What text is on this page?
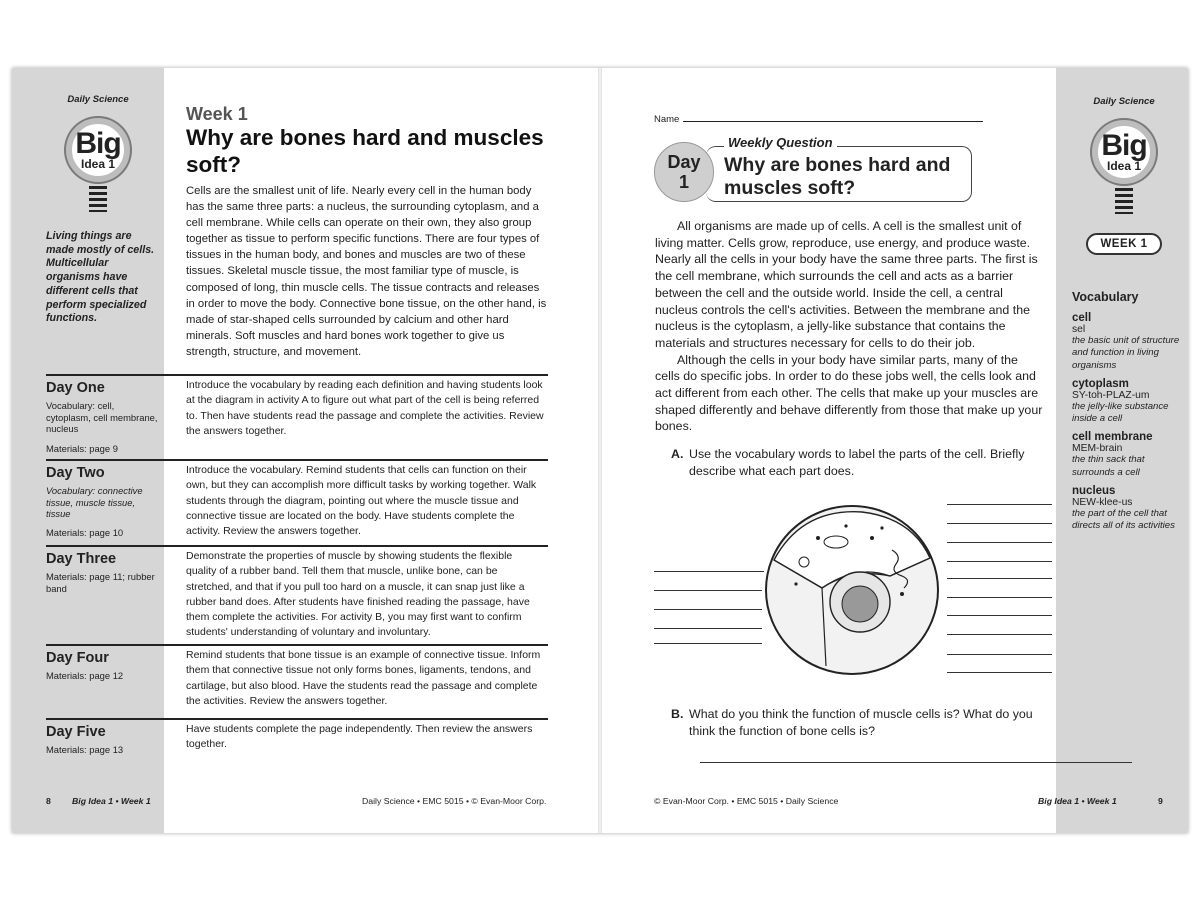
Daily Science
Big
Idea 1
Week 1
Why are bones hard and muscles soft?
Cells are the smallest unit of life. Nearly every cell in the human body has the same three parts: a nucleus, the surrounding cytoplasm, and a cell membrane. While cells can operate on their own, they also group together as tissue to perform specific functions. There are four types of tissues in the human body, and bones and muscles are two of these tissues. Skeletal muscle tissue, the most familiar type of muscle, is composed of long, thin muscle cells. The tissue contracts and releases in order to move the body. Connective bone tissue, on the other hand, is made of star-shaped cells surrounded by calcium and other hard minerals. Soft muscles and hard bones work together to give us strength, structure, and movement.
Living things are made mostly of cells. Multicellular organisms have different cells that perform specialized functions.
Day One
Vocabulary: cell, cytoplasm, cell membrane, nucleus
Materials: page 9
Introduce the vocabulary by reading each definition and having students look at the diagram in activity A to figure out what part of the cell is being referred to. Then have students read the passage and complete the activities. Review the answers together.
Day Two
Vocabulary: connective tissue, muscle tissue, tissue
Materials: page 10
Introduce the vocabulary. Remind students that cells can function on their own, but they can accomplish more difficult tasks by working together. Walk students through the diagram, pointing out where the muscle tissue and connective tissue are located on the body. Have students complete the activity. Review the answers together.
Day Three
Materials: page 11; rubber band
Demonstrate the properties of muscle by showing students the flexible quality of a rubber band. Tell them that muscle, unlike bone, can be stretched, and that if you pull too hard on a muscle, it can snap just like a rubber band does. After students have finished reading the passage, have them complete the activities. For activity B, you may first want to confirm students' understanding of voluntary and involuntary.
Day Four
Materials: page 12
Remind students that bone tissue is an example of connective tissue. Inform them that connective tissue not only forms bones, ligaments, tendons, and cartilage, but also blood. Have the students read the passage and complete the activities. Review the answers together.
Day Five
Materials: page 13
Have students complete the page independently. Then review the answers together.
8 Big Idea 1 • Week 1	Daily Science • EMC 5015 • © Evan-Moor Corp.
Name
Day 1
Weekly Question
Why are bones hard and muscles soft?

All organisms are made up of cells. A cell is the smallest unit of living matter. Cells grow, reproduce, use energy, and produce waste. Nearly all the cells in your body have the same three parts. The first is the cell membrane, which surrounds the cell and acts as a barrier between the cell and the outside world. Inside the cell, a central nucleus controls the cell's activities. Between the membrane and the nucleus is the cytoplasm, a jelly-like substance that contains the materials and structures necessary for cells to do their job.

Although the cells in your body have similar parts, many of the cells do specific jobs. In order to do these jobs well, the cells look and act different from each other. The cells that make up your muscles are shaped differently and behave differently from those that make up your bones.

A. Use the vocabulary words to label the parts of the cell. Briefly describe what each part does.
B. What do you think the function of muscle cells is? What do you think the function of bone cells is?
Daily Science
Big
Idea 1
WEEK 1
Vocabulary
cell
sel
the basic unit of structure and function in living organisms
cytoplasm
SY-toh-PLAZ-um
the jelly-like substance inside a cell
cell membrane
MEM-brain
the thin sack that surrounds a cell
nucleus
NEW-klee-us
the part of the cell that directs all of its activities
© Evan-Moor Corp. • EMC 5015 • Daily Science	Big Idea 1 • Week 1	9
